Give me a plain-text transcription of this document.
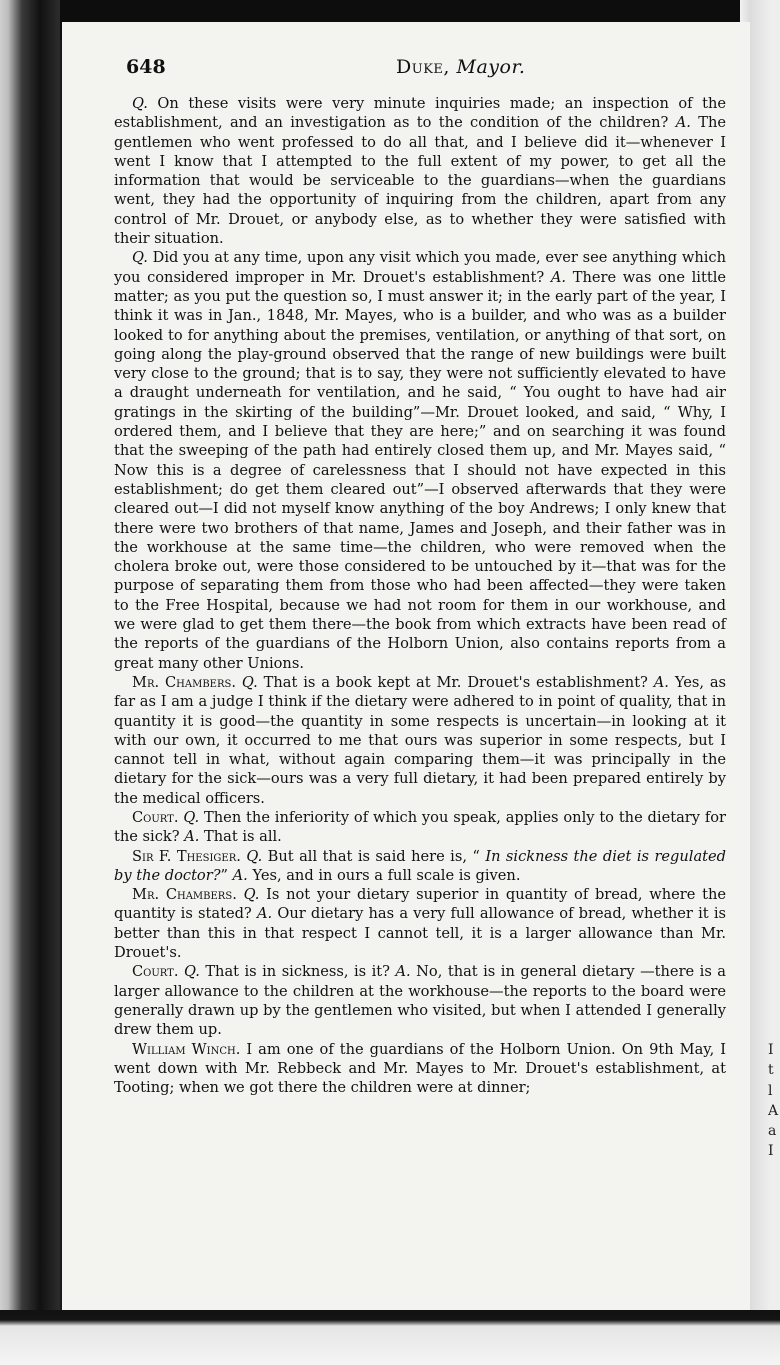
I
t
l
A
a
I
648	Duke, Mayor.

Q. On these visits were very minute inquiries made; an inspection of the establishment, and an investigation as to the condition of the children? A. The gentlemen who went professed to do all that, and I believe did it—whenever I went I know that I attempted to the full extent of my power, to get all the information that would be serviceable to the guardians—when the guardians went, they had the opportunity of inquiring from the children, apart from any control of Mr. Drouet, or anybody else, as to whether they were satisfied with their situation.

Q. Did you at any time, upon any visit which you made, ever see anything which you considered improper in Mr. Drouet's establishment? A. There was one little matter; as you put the question so, I must answer it; in the early part of the year, I think it was in Jan., 1848, Mr. Mayes, who is a builder, and who was as a builder looked to for anything about the premises, ventilation, or anything of that sort, on going along the play-ground observed that the range of new buildings were built very close to the ground; that is to say, they were not sufficiently elevated to have a draught underneath for ventilation, and he said, “ You ought to have had air gratings in the skirting of the building”—Mr. Drouet looked, and said, “ Why, I ordered them, and I believe that they are here;” and on searching it was found that the sweeping of the path had entirely closed them up, and Mr. Mayes said, “ Now this is a degree of carelessness that I should not have expected in this establishment; do get them cleared out”—I observed afterwards that they were cleared out—I did not myself know anything of the boy Andrews; I only knew that there were two brothers of that name, James and Joseph, and their father was in the workhouse at the same time—the children, who were removed when the cholera broke out, were those considered to be untouched by it—that was for the purpose of separating them from those who had been affected—they were taken to the Free Hospital, because we had not room for them in our workhouse, and we were glad to get them there—the book from which extracts have been read of the reports of the guardians of the Holborn Union, also contains reports from a great many other Unions.

Mr. Chambers. Q. That is a book kept at Mr. Drouet's establishment? A. Yes, as far as I am a judge I think if the dietary were adhered to in point of quality, that in quantity it is good—the quantity in some respects is uncertain—in looking at it with our own, it occurred to me that ours was superior in some respects, but I cannot tell in what, without again comparing them—it was principally in the dietary for the sick—ours was a very full dietary, it had been prepared entirely by the medical officers.

Court. Q. Then the inferiority of which you speak, applies only to the dietary for the sick? A. That is all.

Sir F. Thesiger. Q. But all that is said here is, “ In sickness the diet is regulated by the doctor?” A. Yes, and in ours a full scale is given.

Mr. Chambers. Q. Is not your dietary superior in quantity of bread, where the quantity is stated? A. Our dietary has a very full allowance of bread, whether it is better than this in that respect I cannot tell, it is a larger allowance than Mr. Drouet's.

Court. Q. That is in sickness, is it? A. No, that is in general dietary —there is a larger allowance to the children at the workhouse—the reports to the board were generally drawn up by the gentlemen who visited, but when I attended I generally drew them up.

William Winch. I am one of the guardians of the Holborn Union. On 9th May, I went down with Mr. Rebbeck and Mr. Mayes to Mr. Drouet's establishment, at Tooting; when we got there the children were at dinner;
